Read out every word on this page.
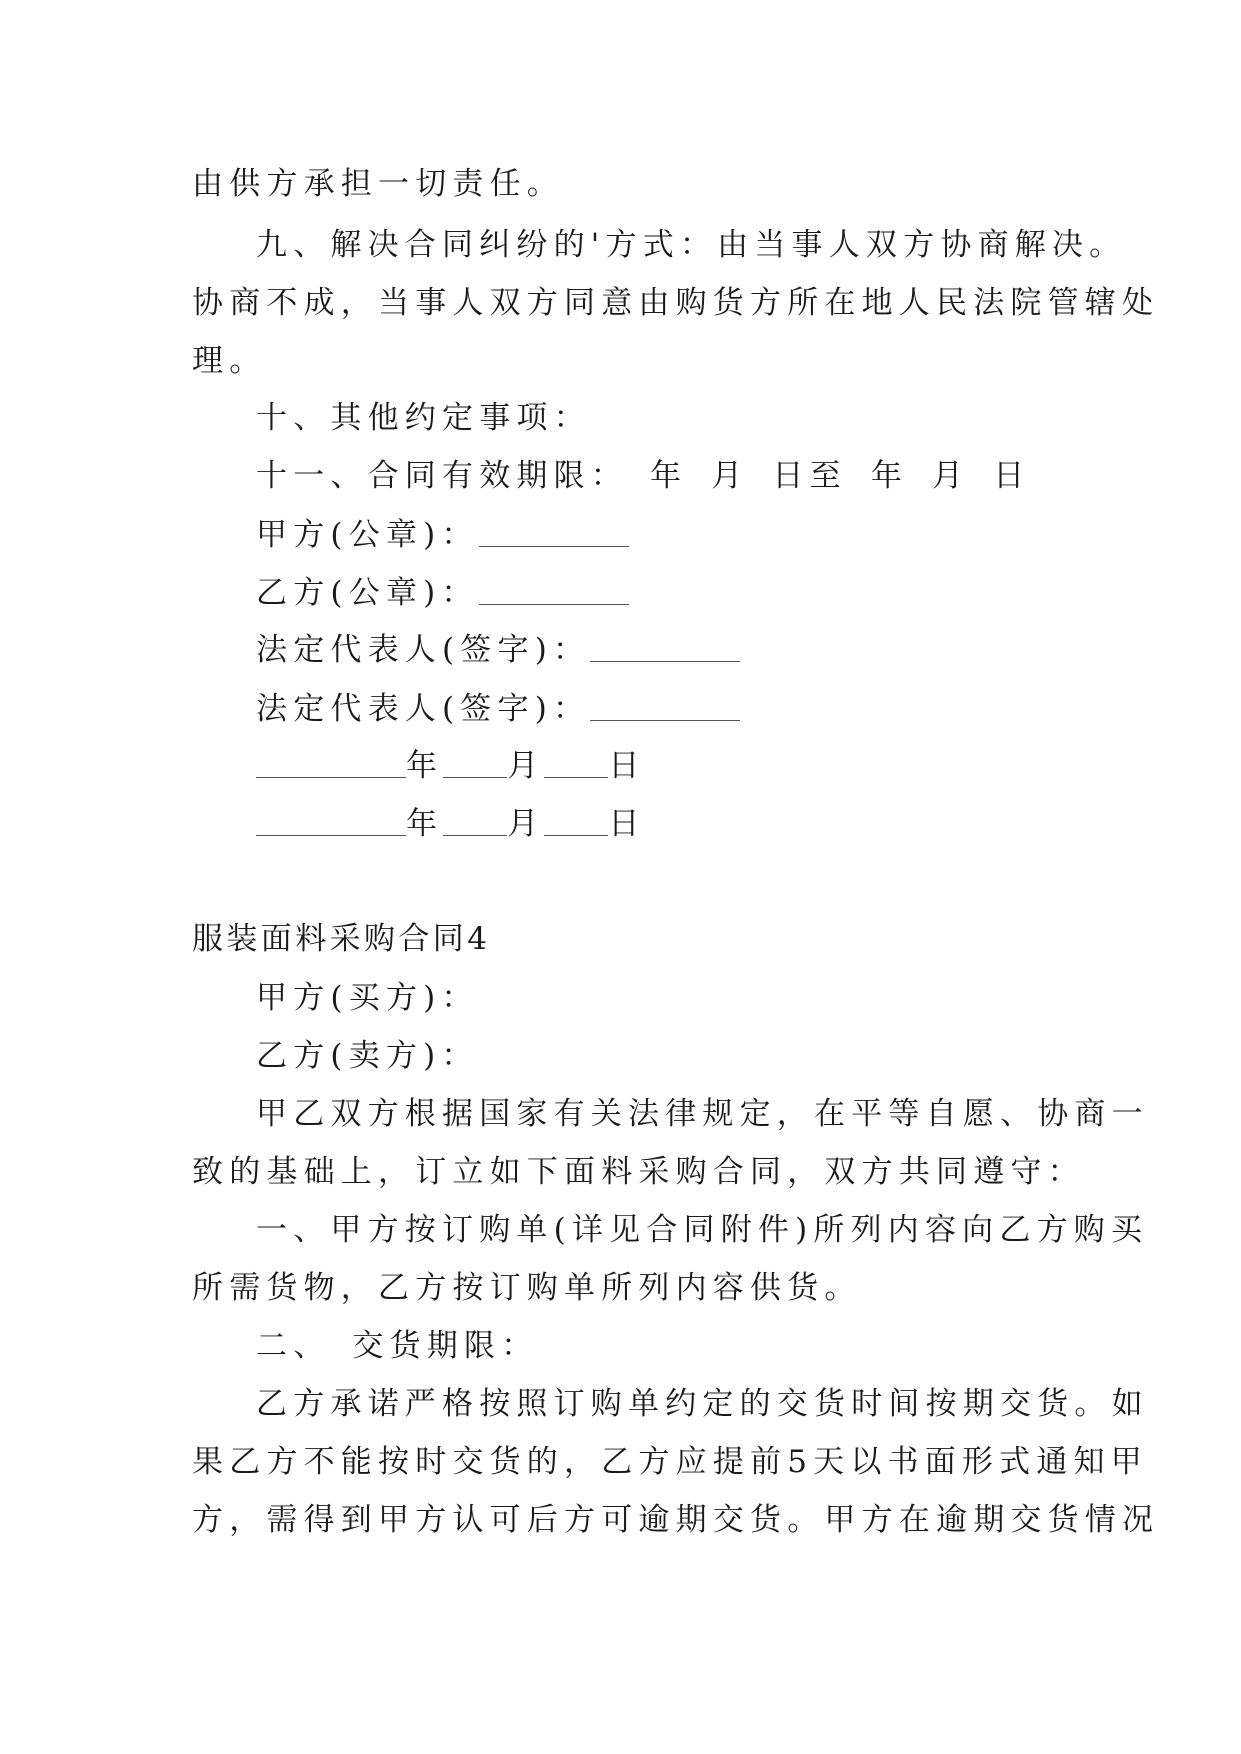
由供方承担一切责任。
九、解决合同纠纷的'方式：由当事人双方协商解决。
协商不成，当事人双方同意由购货方所在地人民法院管辖处
理。
十、其他约定事项：
十一、合同有效期限： 年 月 日至 年 月 日
甲方(公章)：
乙方(公章)：
法定代表人(签字)：
法定代表人(签字)：
年 月 日
年 月 日
服装面料采购合同4
甲方(买方)：
乙方(卖方)：
甲乙双方根据国家有关法律规定，在平等自愿、协商一
致的基础上，订立如下面料采购合同，双方共同遵守：
一、甲方按订购单(详见合同附件)所列内容向乙方购买
所需货物，乙方按订购单所列内容供货。
二、 交货期限：
乙方承诺严格按照订购单约定的交货时间按期交货。如
果乙方不能按时交货的，乙方应提前5天以书面形式通知甲
方，需得到甲方认可后方可逾期交货。甲方在逾期交货情况
